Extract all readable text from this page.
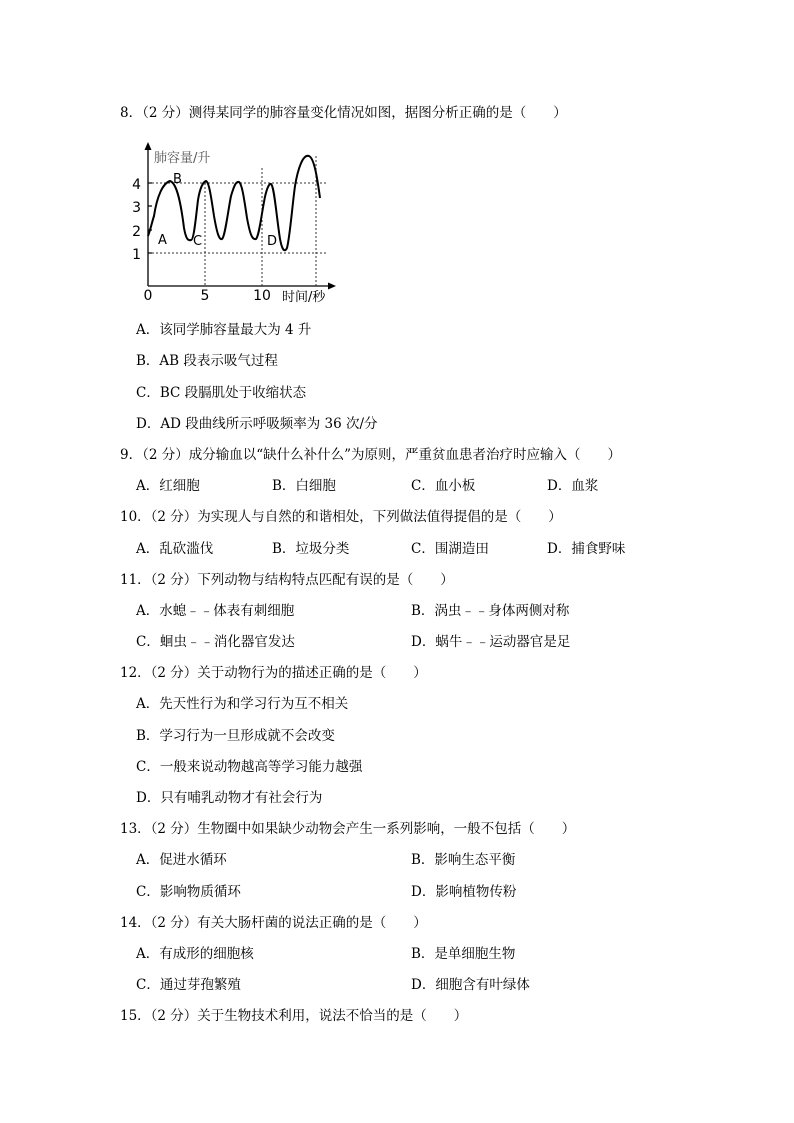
8．（2 分）测得某同学的肺容量变化情况如图，据图分析正确的是（　　）
肺容量/升
时间/秒
4
3
2
1
0	5	10
A
B
C	D
A．该同学肺容量最大为 4 升
B．AB 段表示吸气过程
C．BC 段膈肌处于收缩状态
D．AD 段曲线所示呼吸频率为 36 次/分
9．（2 分）成分输血以“缺什么补什么”为原则，严重贫血患者治疗时应输入（　　）
A．红细胞	B．白细胞	C．血小板	D．血浆
10．（2 分）为实现人与自然的和谐相处，下列做法值得提倡的是（　　）
A．乱砍滥伐	B．垃圾分类	C．围湖造田	D．捕食野味
11．（2 分）下列动物与结构特点匹配有误的是（　　）
A．水螅﹣﹣体表有刺细胞	B．涡虫﹣﹣身体两侧对称
C．蛔虫﹣﹣消化器官发达	D．蜗牛﹣﹣运动器官是足
12．（2 分）关于动物行为的描述正确的是（　　）
A．先天性行为和学习行为互不相关
B．学习行为一旦形成就不会改变
C．一般来说动物越高等学习能力越强
D．只有哺乳动物才有社会行为
13．（2 分）生物圈中如果缺少动物会产生一系列影响，一般不包括（　　）
A．促进水循环	B．影响生态平衡
C．影响物质循环	D．影响植物传粉
14．（2 分）有关大肠杆菌的说法正确的是（　　）
A．有成形的细胞核	B．是单细胞生物
C．通过芽孢繁殖	D．细胞含有叶绿体
15．（2 分）关于生物技术利用，说法不恰当的是（　　）
